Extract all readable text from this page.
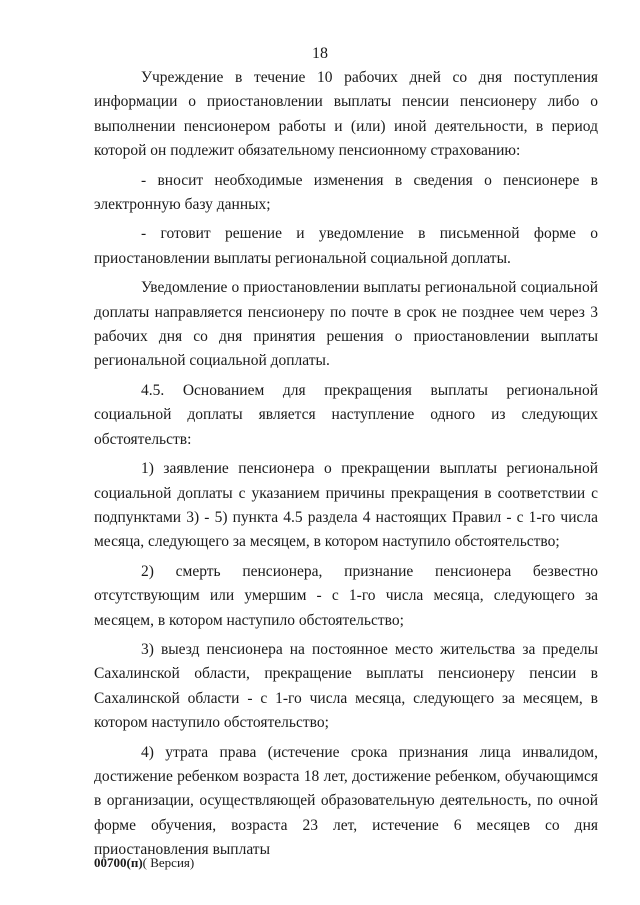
18

Учреждение в течение 10 рабочих дней со дня поступления информации о приостановлении выплаты пенсии пенсионеру либо о выполнении пенсионером работы и (или) иной деятельности, в период которой он подлежит обязательному пенсионному страхованию:

- вносит необходимые изменения в сведения о пенсионере в электронную базу данных;

- готовит решение и уведомление в письменной форме о приостановлении выплаты региональной социальной доплаты.

Уведомление о приостановлении выплаты региональной социальной доплаты направляется пенсионеру по почте в срок не позднее чем через 3 рабочих дня со дня принятия решения о приостановлении выплаты региональной социальной доплаты.

4.5. Основанием для прекращения выплаты региональной социальной доплаты является наступление одного из следующих обстоятельств:

1) заявление пенсионера о прекращении выплаты региональной социальной доплаты с указанием причины прекращения в соответствии с подпунктами 3) - 5) пункта 4.5 раздела 4 настоящих Правил - с 1-го числа месяца, следующего за месяцем, в котором наступило обстоятельство;

2) смерть пенсионера, признание пенсионера безвестно отсутствующим или умершим - с 1-го числа месяца, следующего за месяцем, в котором наступило обстоятельство;

3) выезд пенсионера на постоянное место жительства за пределы Сахалинской области, прекращение выплаты пенсионеру пенсии в Сахалинской области - с 1-го числа месяца, следующего за месяцем, в котором наступило обстоятельство;

4) утрата права (истечение срока признания лица инвалидом, достижение ребенком возраста 18 лет, достижение ребенком, обучающимся в организации, осуществляющей образовательную деятельность, по очной форме обучения, возраста 23 лет, истечение 6 месяцев со дня приостановления выплаты

00700(п)( Версия)
